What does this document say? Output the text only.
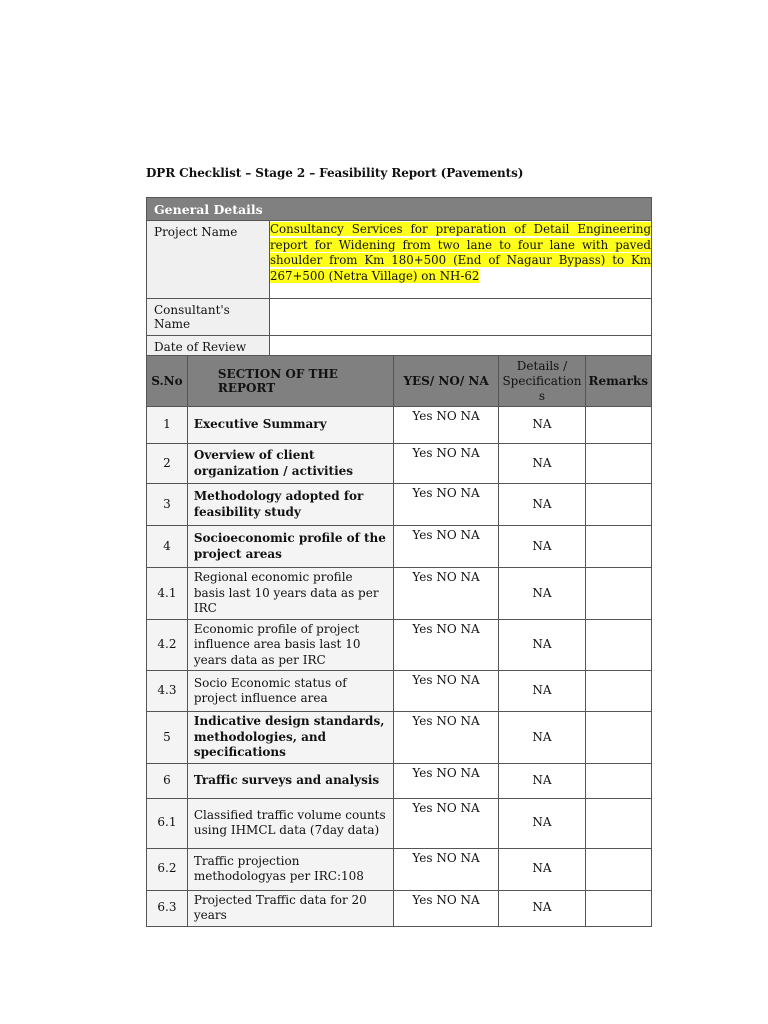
DPR Checklist – Stage 2 – Feasibility Report (Pavements)
General Details	
Project Name	Consultancy Services for preparation of Detail Engineering report for Widening from two lane to four lane with paved shoulder from Km 180+500 (End of Nagaur Bypass) to Km 267+500 (Netra Village) on NH-62

Consultant's Name	
Date of Review	
S.No	SECTION OF THE REPORT	YES/ NO/ NA	Details / Specification s	Remarks
1	Executive Summary	Yes NO NA	NA	
2	Overview of client organization / activities	Yes NO NA	NA	
3	Methodology adopted for feasibility study	Yes NO NA	NA	
4	Socioeconomic profile of the project areas	Yes NO NA	NA	
4.1	Regional economic profile basis last 10 years data as per IRC	Yes NO NA	NA	
4.2	Economic profile of project influence area basis last 10 years data as per IRC	Yes NO NA	NA	
4.3	Socio Economic status of project influence area	Yes NO NA	NA	
5	Indicative design standards, methodologies, and specifications	Yes NO NA	NA	
6	Traffic surveys and analysis	Yes NO NA	NA	
6.1	Classified traffic volume counts using IHMCL data (7day data)	Yes NO NA	NA	
6.2	Traffic projection methodologyas per IRC:108	Yes NO NA	NA	
6.3	Projected Traffic data for 20 years	Yes NO NA	NA	
